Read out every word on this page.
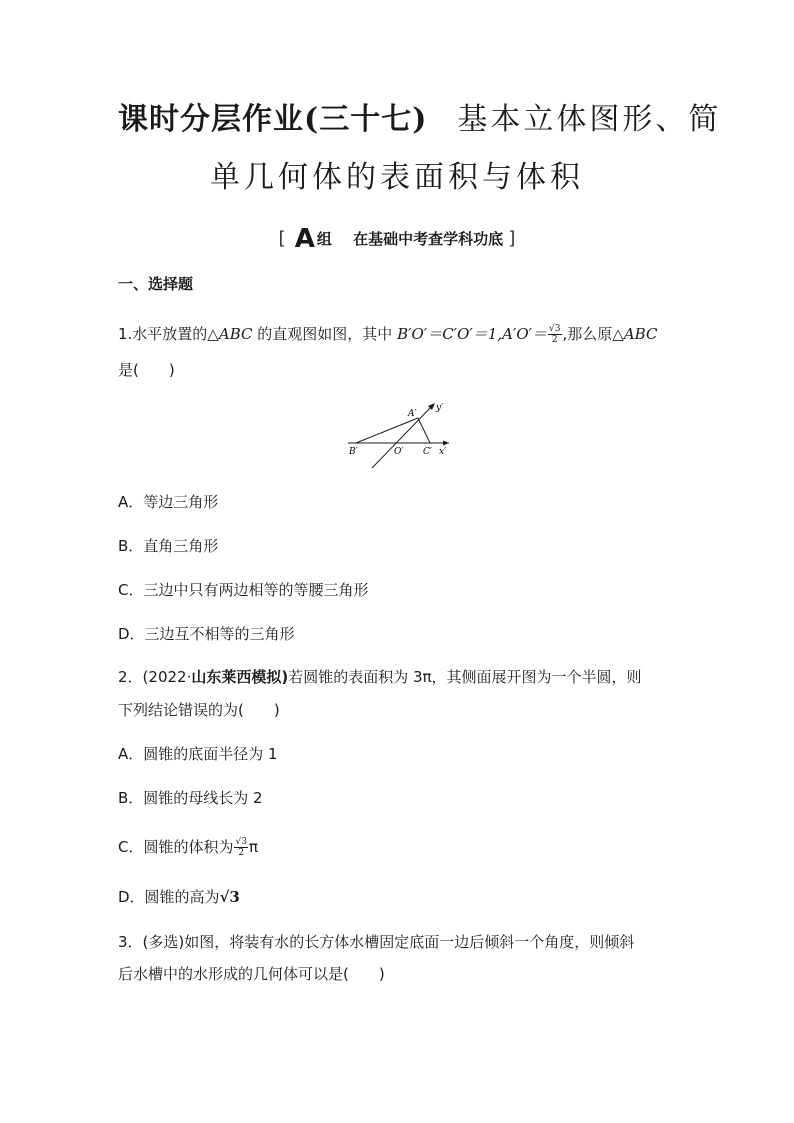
课时分层作业(三十七) 基本立体图形、简
单几何体的表面积与体积
[ A 组 在基础中考查学科功底 ]
一、选择题
1.水平放置的△ABC 的直观图如图，其中 $B'O'=C'O'=1,A'O'= \frac{√3}{2}$ ,那么原△ABC
是(　　)
A′
y′
B′	O′ C′ x′
A．等边三角形
B．直角三角形
C．三边中只有两边相等的等腰三角形
D．三边互不相等的三角形
2．(2022·山东莱西模拟)若圆锥的表面积为 3π，其侧面展开图为一个半圆，则
下列结论错误的为(　　)
A．圆锥的底面半径为 1
B．圆锥的母线长为 2
C．圆锥的体积为 $\frac{√3}{2}$ π
D．圆锥的高为√3
3．(多选)如图，将装有水的长方体水槽固定底面一边后倾斜一个角度，则倾斜
后水槽中的水形成的几何体可以是(　　)
